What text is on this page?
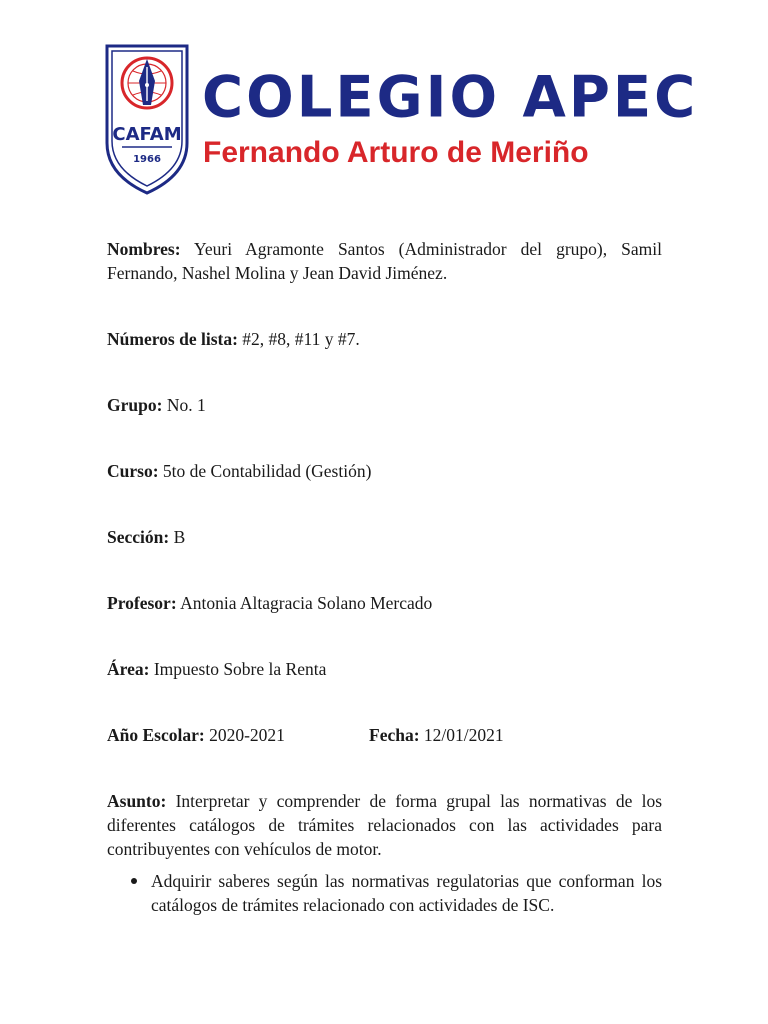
CAFAM
1966
COLEGIO APEC
Fernando Arturo de Meriño

Nombres: Yeuri Agramonte Santos (Administrador del grupo), Samil Fernando, Nashel Molina y Jean David Jiménez.

Números de lista: #2, #8, #11 y #7.

Grupo: No. 1

Curso: 5to de Contabilidad (Gestión)

Sección: B

Profesor: Antonia Altagracia Solano Mercado

Área: Impuesto Sobre la Renta

Año Escolar: 2020-2021	Fecha: 12/01/2021

Asunto: Interpretar y comprender de forma grupal las normativas de los diferentes catálogos de trámites relacionados con las actividades para contribuyentes con vehículos de motor.

Adquirir saberes según las normativas regulatorias que conforman los catálogos de trámites relacionado con actividades de ISC.
